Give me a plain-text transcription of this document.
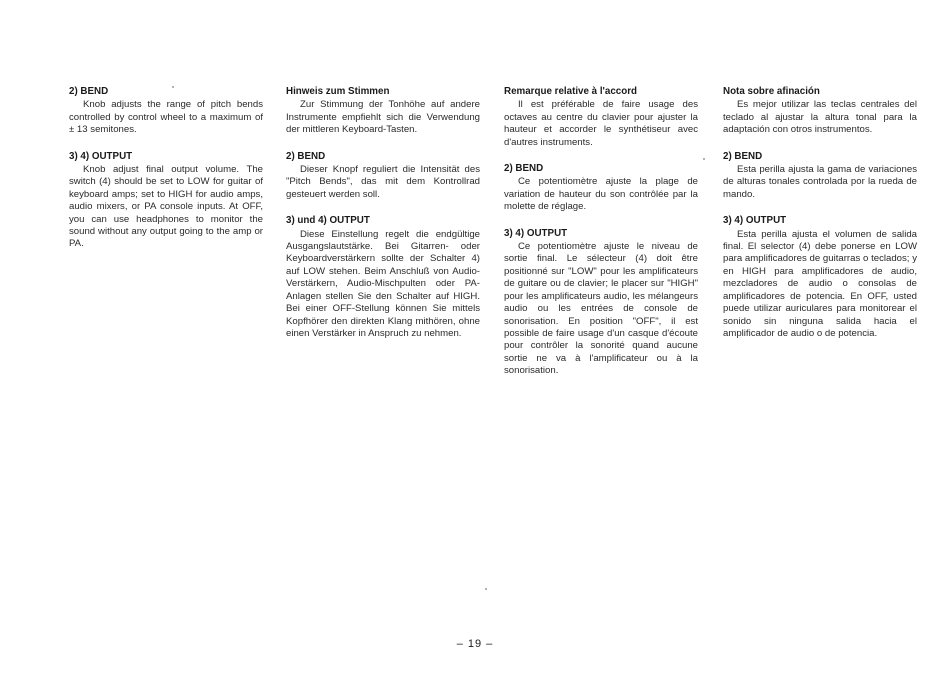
2) BEND

Knob adjusts the range of pitch bends controlled by control wheel to a maximum of ± 13 semitones.

3) 4) OUTPUT

Knob adjust final output volume. The switch (4) should be set to LOW for guitar of keyboard amps; set to HIGH for audio amps, audio mixers, or PA console inputs. At OFF, you can use headphones to monitor the sound without any output going to the amp or PA.

Hinweis zum Stimmen

Zur Stimmung der Tonhöhe auf andere Instrumente empfiehlt sich die Verwendung der mittleren Keyboard-Tasten.

2) BEND

Dieser Knopf reguliert die Intensität des "Pitch Bends", das mit dem Kontrollrad gesteuert werden soll.

3) und 4) OUTPUT

Diese Einstellung regelt die endgültige Ausgangslautstärke. Bei Gitarren- oder Keyboardverstärkern sollte der Schalter 4) auf LOW stehen. Beim Anschluß von Audio-Verstärkern, Audio-Mischpulten oder PA-Anlagen stellen Sie den Schalter auf HIGH. Bei einer OFF-Stellung können Sie mittels Kopfhörer den direkten Klang mithören, ohne einen Verstärker in Anspruch zu nehmen.

Remarque relative à l'accord

Il est préférable de faire usage des octaves au centre du clavier pour ajuster la hauteur et accorder le synthétiseur avec d'autres instruments.

2) BEND

Ce potentiomètre ajuste la plage de variation de hauteur du son contrôlée par la molette de réglage.

3) 4) OUTPUT

Ce potentiomètre ajuste le niveau de sortie final. Le sélecteur (4) doit être positionné sur "LOW" pour les amplificateurs de guitare ou de clavier; le placer sur "HIGH" pour les amplificateurs audio, les mélangeurs audio ou les entrées de console de sonorisation. En position "OFF", il est possible de faire usage d'un casque d'écoute pour contrôler la sonorité quand aucune sortie ne va à l'amplificateur ou à la sonorisation.

Nota sobre afinación

Es mejor utilizar las teclas centrales del teclado al ajustar la altura tonal para la adaptación con otros instrumentos.

2) BEND

Esta perilla ajusta la gama de variaciones de alturas tonales controlada por la rueda de mando.

3) 4) OUTPUT

Esta perilla ajusta el volumen de salida final. El selector (4) debe ponerse en LOW para amplificadores de guitarras o teclados; y en HIGH para amplificadores de audio, mezcladores de audio o consolas de amplificadores de potencia. En OFF, usted puede utilizar auriculares para monitorear el sonido sin ninguna salida hacia el amplificador de audio o de potencia.

– 19 –
